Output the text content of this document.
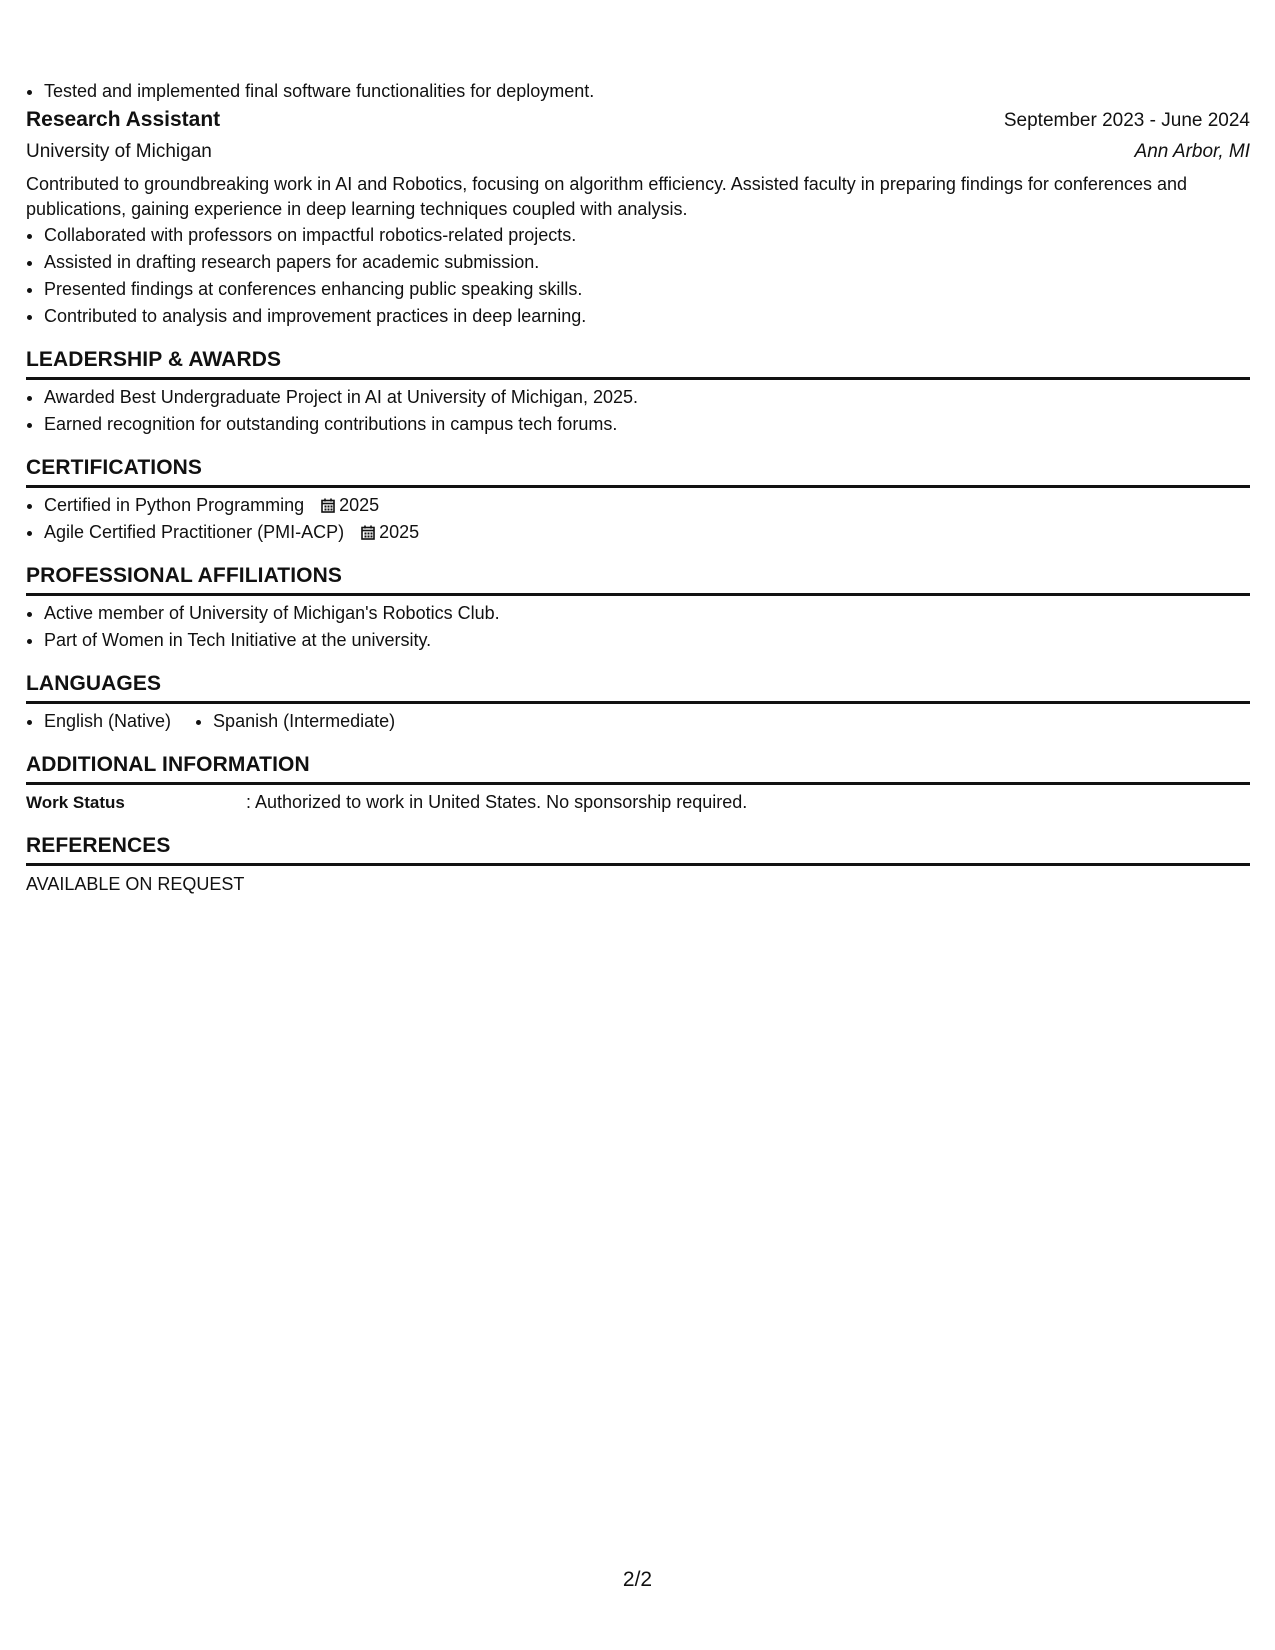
• Tested and implemented final software functionalities for deployment.
Research Assistant	September 2023 - June 2024
University of Michigan	Ann Arbor, MI
Contributed to groundbreaking work in AI and Robotics, focusing on algorithm efficiency. Assisted faculty in preparing findings for conferences and publications, gaining experience in deep learning techniques coupled with analysis.
• Collaborated with professors on impactful robotics-related projects.
• Assisted in drafting research papers for academic submission.
• Presented findings at conferences enhancing public speaking skills.
• Contributed to analysis and improvement practices in deep learning.
LEADERSHIP & AWARDS
• Awarded Best Undergraduate Project in AI at University of Michigan, 2025.
• Earned recognition for outstanding contributions in campus tech forums.
CERTIFICATIONS
• Certified in Python Programming 2025
• Agile Certified Practitioner (PMI-ACP) 2025
PROFESSIONAL AFFILIATIONS
• Active member of University of Michigan's Robotics Club.
• Part of Women in Tech Initiative at the university.
LANGUAGES
• English (Native)
• Spanish (Intermediate)
ADDITIONAL INFORMATION
Work Status	: Authorized to work in United States. No sponsorship required.
REFERENCES
AVAILABLE ON REQUEST
2/2
